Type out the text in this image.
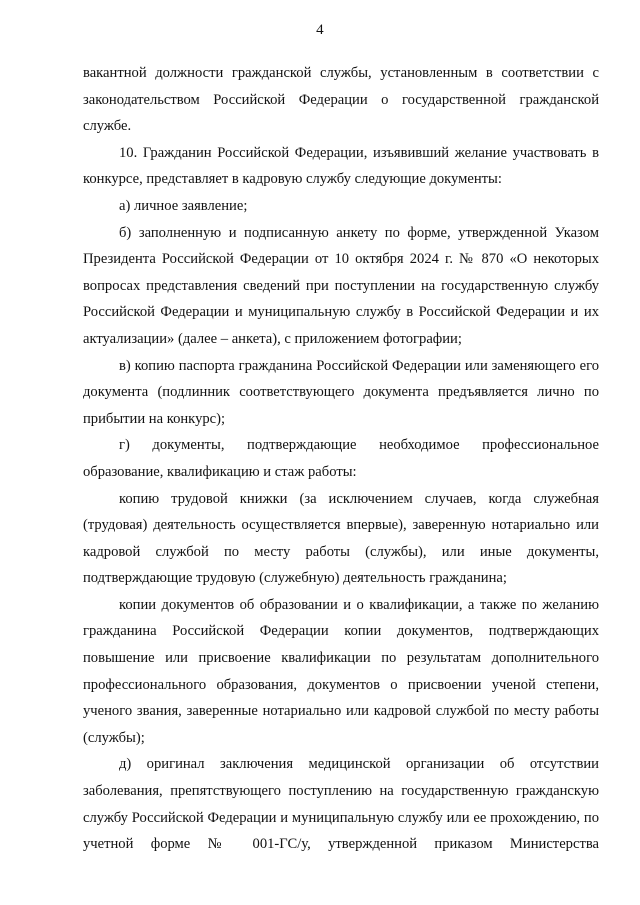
4

вакантной должности гражданской службы, установленным в соответствии с законодательством Российской Федерации о государственной гражданской службе.

10. Гражданин Российской Федерации, изъявивший желание участвовать в конкурсе, представляет в кадровую службу следующие документы:

а) личное заявление;

б) заполненную и подписанную анкету по форме, утвержденной Указом Президента Российской Федерации от 10 октября 2024 г. № 870 «О некоторых вопросах представления сведений при поступлении на государственную службу Российской Федерации и муниципальную службу в Российской Федерации и их актуализации» (далее – анкета), с приложением фотографии;

в) копию паспорта гражданина Российской Федерации или заменяющего его документа (подлинник соответствующего документа предъявляется лично по прибытии на конкурс);

г) документы, подтверждающие необходимое профессиональное образование, квалификацию и стаж работы:

копию трудовой книжки (за исключением случаев, когда служебная (трудовая) деятельность осуществляется впервые), заверенную нотариально или кадровой службой по месту работы (службы), или иные документы, подтверждающие трудовую (служебную) деятельность гражданина;

копии документов об образовании и о квалификации, а также по желанию гражданина Российской Федерации копии документов, подтверждающих повышение или присвоение квалификации по результатам дополнительного профессионального образования, документов о присвоении ученой степени, ученого звания, заверенные нотариально или кадровой службой по месту работы (службы);

д) оригинал заключения медицинской организации об отсутствии заболевания, препятствующего поступлению на государственную гражданскую службу Российской Федерации и муниципальную службу или ее прохождению, по учетной форме № 001-ГС/у, утвержденной приказом Министерства
